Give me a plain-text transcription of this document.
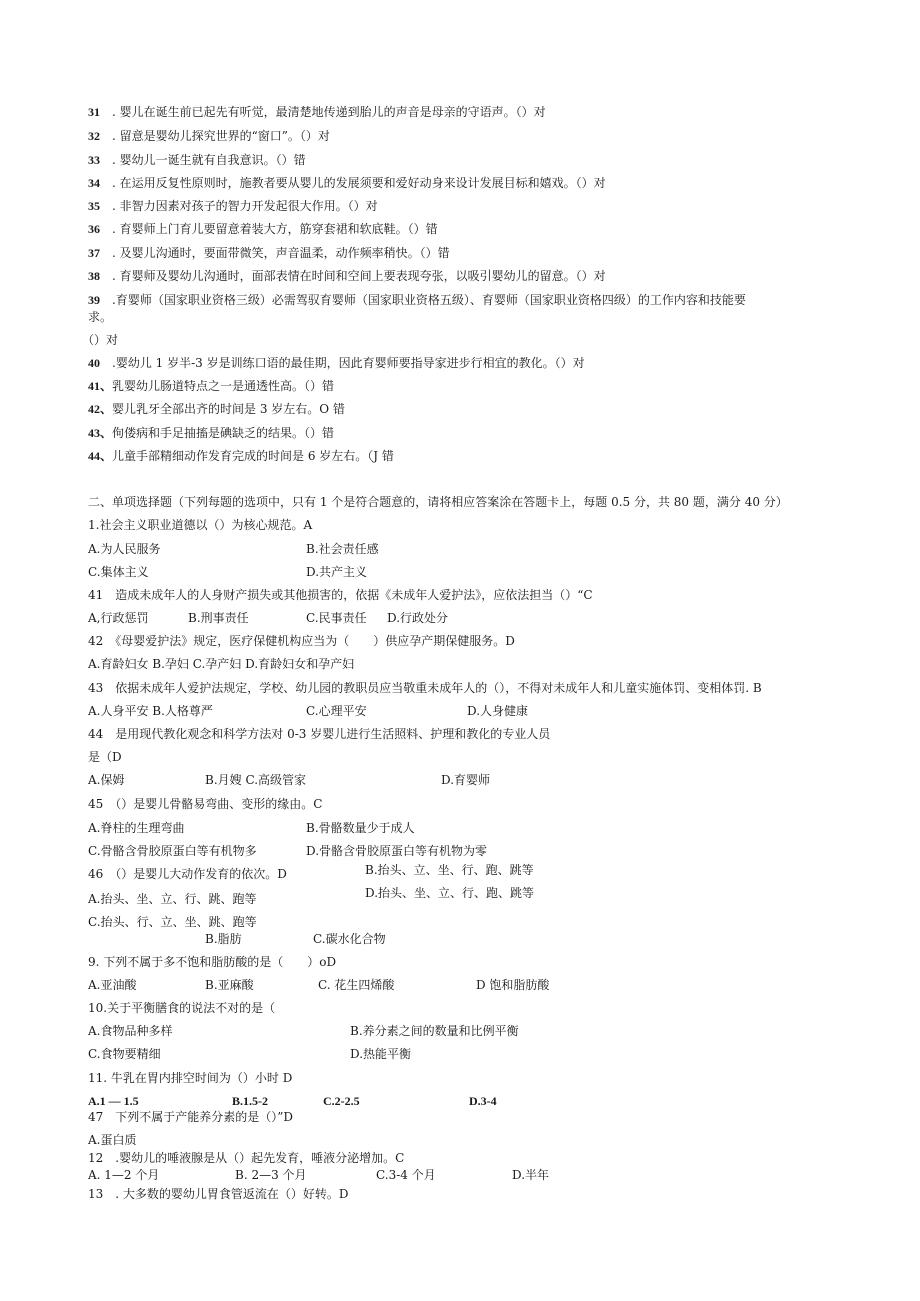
31 . 婴儿在诞生前已起先有听觉，最清楚地传递到胎儿的声音是母亲的守语声。（）对
32 . 留意是婴幼儿探究世界的“窗口”。（）对
33 . 婴幼儿一诞生就有自我意识。（）错
34 . 在运用反复性原则时，施教者要从婴儿的发展须要和爱好动身来设计发展目标和嬉戏。（）对
35 . 非智力因素对孩子的智力开发起很大作用。（）对
36 . 育婴师上门育儿要留意着装大方，筋穿套裙和软底鞋。（）错
37 . 及婴儿沟通时，要面带微笑，声音温柔，动作频率稍快。（）错
38 . 育婴师及婴幼儿沟通时，面部表情在时间和空间上要表现夸张，以吸引婴幼儿的留意。（）对
39 .育婴师（国家职业资格三级）必需驾驭育婴师（国家职业资格五级）、育婴师（国家职业资格四级）的工作内容和技能要
求。
（）对
40 .婴幼儿 1 岁半-3 岁是训练口语的最佳期，因此育婴师要指导家进步行相宜的教化。（）对
41、乳婴幼儿肠道特点之一是通透性高。（）错
42、婴儿乳牙全部出齐的时间是 3 岁左右。O 错
43、佝偻病和手足抽搐是碘缺乏的结果。（）错
44、儿童手部精细动作发育完成的时间是 6 岁左右。（J 错
二、单项选择题（下列每题的选项中，只有 1 个是符合题意的，请将相应答案涂在答题卡上，每题 0.5 分，共 80 题，满分 40 分）
1.社会主义职业道德以（）为核心规范。A
A.为人民服务	B.社会责任感
C.集体主义	D.共产主义
41　造成未成年人的人身财产损失或其他损害的，依据《未成年人爱护法》，应依法担当（）“C
A,行政惩罚	B.刑事责任	C.民事责任 D.行政处分
42　《母婴爱护法》规定，医疗保健机构应当为（　　）供应孕产期保健服务。D
A.育龄妇女 B.孕妇 C.孕产妇 D.育龄妇女和孕产妇
43　依据未成年人爱护法规定，学校、幼儿园的教职员应当敬重未成年人的（），不得对未成年人和儿童实施体罚、变相体罚. B
A.人身平安 B.人格尊严	C.心理平安	D.人身健康
44　是用现代教化观念和科学方法对 0-3 岁婴儿进行生活照料、护理和教化的专业人员
是（D
A.保姆	B.月嫂 C.高级管家	D.育婴师
45　（）是婴儿骨骼易弯曲、变形的缘由。C
A.脊柱的生理弯曲	B.骨骼数量少于成人
C.骨骼含骨胶原蛋白等有机物多	D.骨骼含骨胶原蛋白等有机物为零
B.抬头、立、坐、行、跑、跳等
46　（）是婴儿大动作发育的依次。D
D.抬头、坐、立、行、跑、跳等
A.抬头、坐、立、行、跳、跑等
C.抬头、行、立、坐、跳、跑等
B.脂肪	C.碳水化合物
9. 下列不属于多不饱和脂肪酸的是（　　）oD
A.亚油酸	B.亚麻酸	C. 花生四烯酸	D 饱和脂肪酸
10.关于平衡膳食的说法不对的是（
A.食物品种多样	B.养分素之间的数量和比例平衡
C.食物要精细	D.热能平衡
11. 牛乳在胃内排空时间为（）小时 D
A.1 — 1.5	B.1.5-2	C.2-2.5	D.3-4
47　下列不属于产能养分素的是（）”D
A.蛋白质
12　.婴幼儿的唾液腺是从（）起先发育，唾液分泌增加。C
A. 1—2 个月	B. 2—3 个月	C.3-4 个月	D.半年
13　. 大多数的婴幼儿胃食管返流在（）好转。D
